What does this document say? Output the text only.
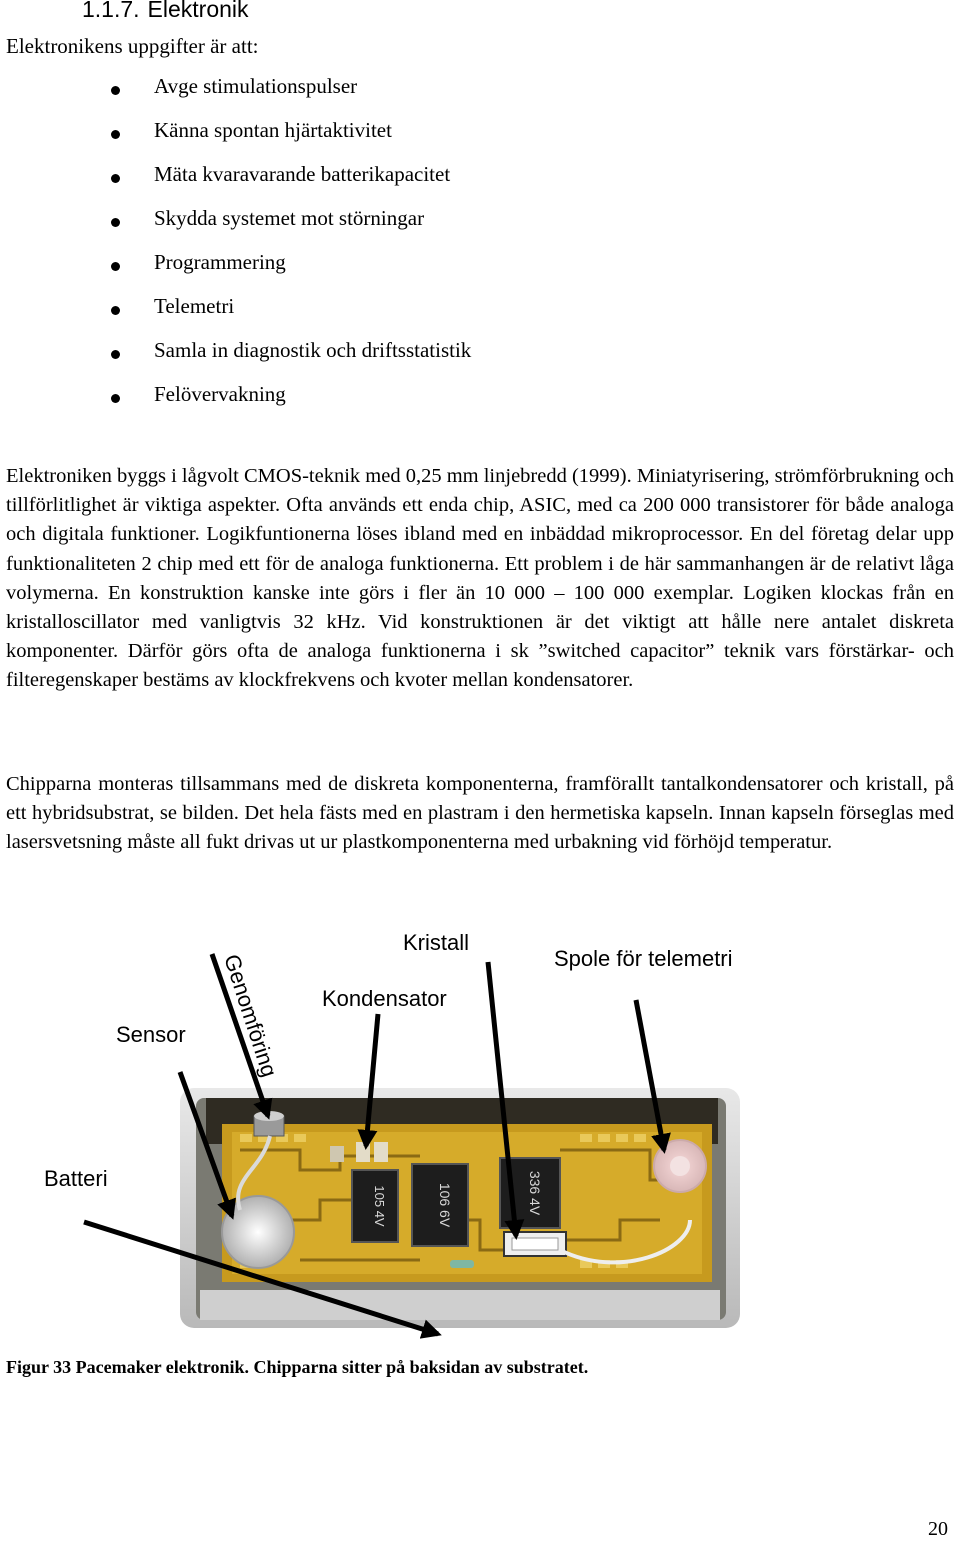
1.1.7. Elektronik
Elektronikens uppgifter är att:
Avge stimulationspulser
Känna spontan hjärtaktivitet
Mäta kvaravarande batterikapacitet
Skydda systemet mot störningar
Programmering
Telemetri
Samla in diagnostik och driftsstatistik
Felövervakning

Elektroniken byggs i lågvolt CMOS-teknik med 0,25 mm linjebredd (1999). Miniatyrisering, strömförbrukning och tillförlitlighet är viktiga aspekter. Ofta används ett enda chip, ASIC, med ca 200 000 transistorer för både analoga och digitala funktioner. Logikfuntionerna löses ibland med en inbäddad mikroprocessor. En del företag delar upp funktionaliteten 2 chip med ett för de analoga funktionerna. Ett problem i de här sammanhangen är de relativt låga volymerna. En konstruktion kanske inte görs i fler än 10 000 – 100 000 exemplar. Logiken klockas från en kristalloscillator med vanligtvis 32 kHz. Vid konstruktionen är det viktigt att hålle nere antalet diskreta komponenter. Därför görs ofta de analoga funktionerna i sk ”switched capacitor” teknik vars förstärkar- och filteregenskaper bestäms av klockfrekvens och kvoter mellan kondensatorer.

Chipparna monteras tillsammans med de diskreta komponenterna, framförallt tantalkondensatorer och kristall, på ett hybridsubstrat, se bilden. Det hela fästs med en plastram i den hermetiska kapseln. Innan kapseln förseglas med lasersvetsning måste all fukt drivas ut ur plastkomponenterna med urbakning vid förhöjd temperatur.

105 4V	106 6V	336 4V
Sensor Genomföring
Kristall
Kondensator
Spole för telemetri
Batteri
Figur 33 Pacemaker elektronik. Chipparna sitter på baksidan av substratet.
20
